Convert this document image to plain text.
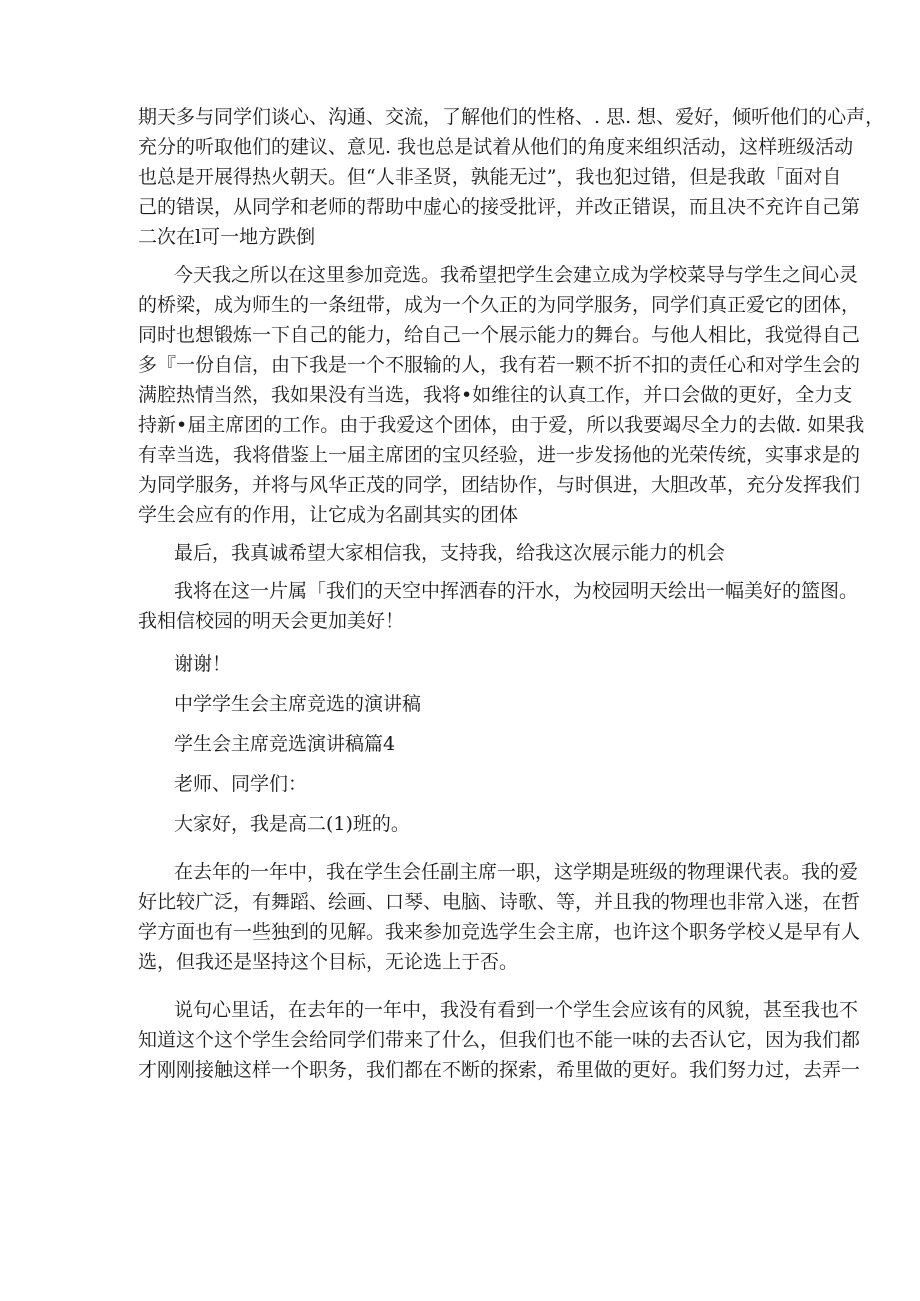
期天多与同学们谈心、沟通、交流，了解他们的性格、. 思. 想、爱好，倾听他们的心声，

充分的听取他们的建议、意见. 我也总是试着从他们的角度来组织活动，这样班级活动

也总是开展得热火朝天。但“人非圣贤，孰能无过”，我也犯过错，但是我敢「面对自

己的错误，从同学和老师的帮助中虚心的接受批评，并改正错误，而且决不充许自己第

二次在l可一地方跌倒

今天我之所以在这里参加竞选。我希望把学生会建立成为学校菜导与学生之间心灵

的桥梁，成为师生的一条纽带，成为一个久正的为同学服务，同学们真正爱它的团体，

同时也想锻炼一下自己的能力，给自己一个展示能力的舞台。与他人相比，我觉得自己

多『一份自信，由下我是一个不服输的人，我有若一颗不折不扣的责任心和对学生会的

满腔热情当然，我如果没有当选，我将•如维往的认真工作，并口会做的更好，全力支

持新•届主席团的工作。由于我爱这个团体，由于爱，所以我要竭尽全力的去做. 如果我

有幸当选，我将借鉴上一届主席团的宝贝经验，进一步发扬他的光荣传统，实事求是的

为同学服务，并将与风华正茂的同学，团结协作，与时俱进，大胆改革，充分发挥我们

学生会应有的作用，让它成为名副其实的团体

最后，我真诚希望大家相信我，支持我，给我这次展示能力的机会

我将在这一片属「我们的天空中挥洒春的汗水，为校园明天绘出一幅美好的篮图。

我相信校园的明天会更加美好！

谢谢！

中学学生会主席竞选的演讲稿

学生会主席竞选演讲稿篇4

老师、同学们：

大家好，我是高二(1)班的。

在去年的一年中，我在学生会任副主席一职，这学期是班级的物理课代表。我的爱

好比较广泛，有舞蹈、绘画、口琴、电脑、诗歌、等，并且我的物理也非常入迷，在哲

学方面也有一些独到的见解。我来参加竞选学生会主席，也许这个职务学校乂是早有人

选，但我还是坚持这个目标，无论选上于否。

说句心里话，在去年的一年中，我没有看到一个学生会应该有的风貌，甚至我也不

知道这个这个学生会给同学们带来了什么，但我们也不能一味的去否认它，因为我们都

才刚刚接触这样一个职务，我们都在不断的探索，希里做的更好。我们努力过，去弄一
